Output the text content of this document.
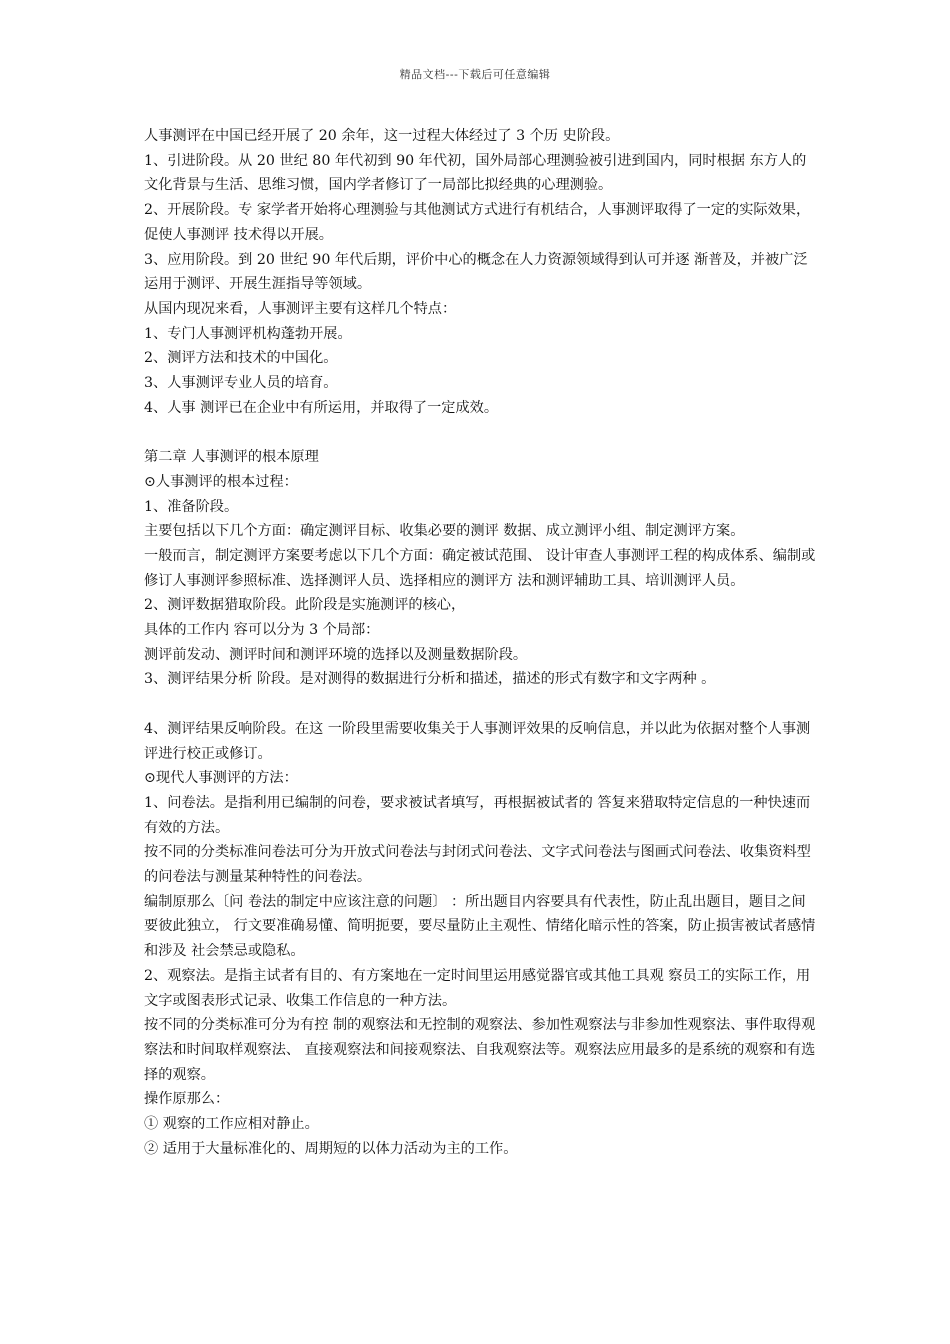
精品文档---下载后可任意编辑

人事测评在中国已经开展了 20 余年，这一过程大体经过了 3 个历 史阶段。

1、引进阶段。从 20 世纪 80 年代初到 90 年代初，国外局部心理测验被引进到国内，同时根据 东方人的文化背景与生活、思维习惯，国内学者修订了一局部比拟经典的心理测验。

2、开展阶段。专 家学者开始将心理测验与其他测试方式进行有机结合，人事测评取得了一定的实际效果，促使人事测评 技术得以开展。

3、应用阶段。到 20 世纪 90 年代后期，评价中心的概念在人力资源领域得到认可并逐 渐普及，并被广泛运用于测评、开展生涯指导等领域。

从国内现况来看，人事测评主要有这样几个特点：

1、专门人事测评机构蓬勃开展。

2、测评方法和技术的中国化。

3、人事测评专业人员的培育。

4、人事 测评已在企业中有所运用，并取得了一定成效。

第二章 人事测评的根本原理

⊙人事测评的根本过程：

1、准备阶段。

主要包括以下几个方面：确定测评目标、收集必要的测评 数据、成立测评小组、制定测评方案。

一般而言，制定测评方案要考虑以下几个方面：确定被试范围、 设计审查人事测评工程的构成体系、编制或修订人事测评参照标准、选择测评人员、选择相应的测评方 法和测评辅助工具、培训测评人员。

2、测评数据猎取阶段。此阶段是实施测评的核心，

具体的工作内 容可以分为 3 个局部：

测评前发动、测评时间和测评环境的选择以及测量数据阶段。

3、测评结果分析 阶段。是对测得的数据进行分析和描述，描述的形式有数字和文字两种 。

4、测评结果反响阶段。在这 一阶段里需要收集关于人事测评效果的反响信息，并以此为依据对整个人事测评进行校正或修订。

⊙现代人事测评的方法：

1、问卷法。是指利用已编制的问卷，要求被试者填写，再根据被试者的 答复来猎取特定信息的一种快速而有效的方法。

按不同的分类标准问卷法可分为开放式问卷法与封闭式问卷法、文字式问卷法与图画式问卷法、收集资料型的问卷法与测量某种特性的问卷法。

编制原那么〔问 卷法的制定中应该注意的问题〕 ：所出题目内容要具有代表性，防止乱出题目，题目之间要彼此独立， 行文要准确易懂、简明扼要，要尽量防止主观性、情绪化暗示性的答案，防止损害被试者感情和涉及 社会禁忌或隐私。

2、观察法。是指主试者有目的、有方案地在一定时间里运用感觉器官或其他工具观 察员工的实际工作，用文字或图表形式记录、收集工作信息的一种方法。

按不同的分类标准可分为有控 制的观察法和无控制的观察法、参加性观察法与非参加性观察法、事件取得观察法和时间取样观察法、 直接观察法和间接观察法、自我观察法等。观察法应用最多的是系统的观察和有选择的观察。

操作原那么：

① 观察的工作应相对静止。

② 适用于大量标准化的、周期短的以体力活动为主的工作。
